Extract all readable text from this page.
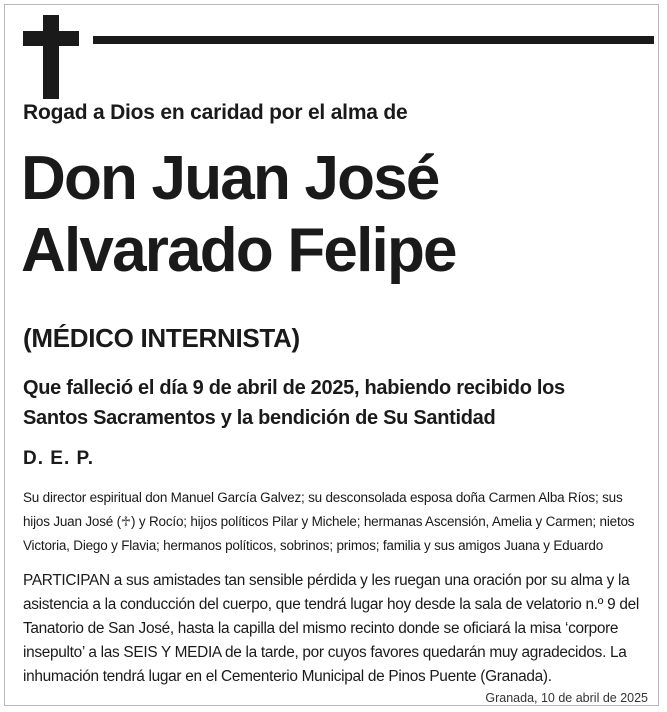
Rogad a Dios en caridad por el alma de
Don Juan José
Alvarado Felipe
(MÉDICO INTERNISTA)
Que falleció el día 9 de abril de 2025, habiendo recibido los
Santos Sacramentos y la bendición de Su Santidad
D. E. P.
Su director espiritual don Manuel García Galvez; su desconsolada esposa doña Carmen Alba Ríos; sus
hijos Juan José (♱) y Rocío; hijos políticos Pilar y Michele; hermanas Ascensión, Amelia y Carmen; nietos
Victoria, Diego y Flavia; hermanos políticos, sobrinos; primos; familia y sus amigos Juana y Eduardo
PARTICIPAN a sus amistades tan sensible pérdida y les ruegan una oración por su alma y la
asistencia a la conducción del cuerpo, que tendrá lugar hoy desde la sala de velatorio n.º 9 del
Tanatorio de San José, hasta la capilla del mismo recinto donde se oficiará la misa ‘corpore
insepulto’ a las SEIS Y MEDIA de la tarde, por cuyos favores quedarán muy agradecidos. La
inhumación tendrá lugar en el Cementerio Municipal de Pinos Puente (Granada).
Granada, 10 de abril de 2025
